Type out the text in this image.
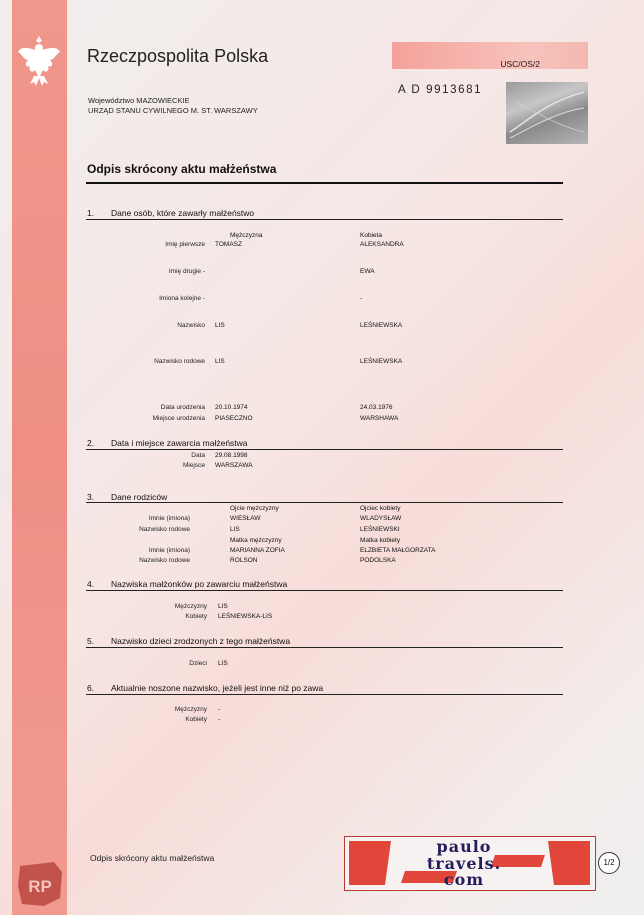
RP
Rzeczpospolita Polska
Województwo MAZOWIECKIE
URZĄD STANU CYWILNEGO M. ST. WARSZAWY
USC/OS/2
A D 9913681
Odpis skrócony aktu małżeństwa
1. Dane osób, które zawarły małżeństwo
Mężczyzna	Kobieta
Imię pierwsze TOMASZ	ALEKSANDRA
Imię drugie -	EWA
Imiona kolejne -	-
Nazwisko LIS	LEŚNIEWSKA
Nazwisko rodowe LIS	LEŚNIEWSKA
Data urodzenia 20.10.1974	24.03.1976
Miejsce urodzenia PIASECZNO	WARSHAWA
2. Data i miejsce zawarcia małżeństwa
Data 29.08.1998
Miejsce WARSZAWA
3. Dane rodziców
Ojcie mężczyzny	Ojciec kobiety
Imnie (imiona)	WIESŁAW	WLADYSŁAW
Nazwisko rodowe	LIS	LEŚNIEWSKI
Matka mężczyzny	Matka kobiety
Imnie (imiona)	MARIANNA ZOFIA	ELZBIETA MAŁGORZATA
Nazwisko rodowe	ROLSON	PODOLSKA
4. Nazwiska małżonków po zawarciu małżeństwa
Mężczyzny LIS
Kobiety LEŚNIEWSKA-LIS
5. Nazwisko dzieci zrodzonych z tego małżeństwa
Dzieci LIS
6. Aktualnie noszone nazwisko, jeżeli jest inne niż po zawa
Mężczyzny -
Kobiety -
Odpis skrócony aktu małżeństwa
paulo
travels.
com
1/2
